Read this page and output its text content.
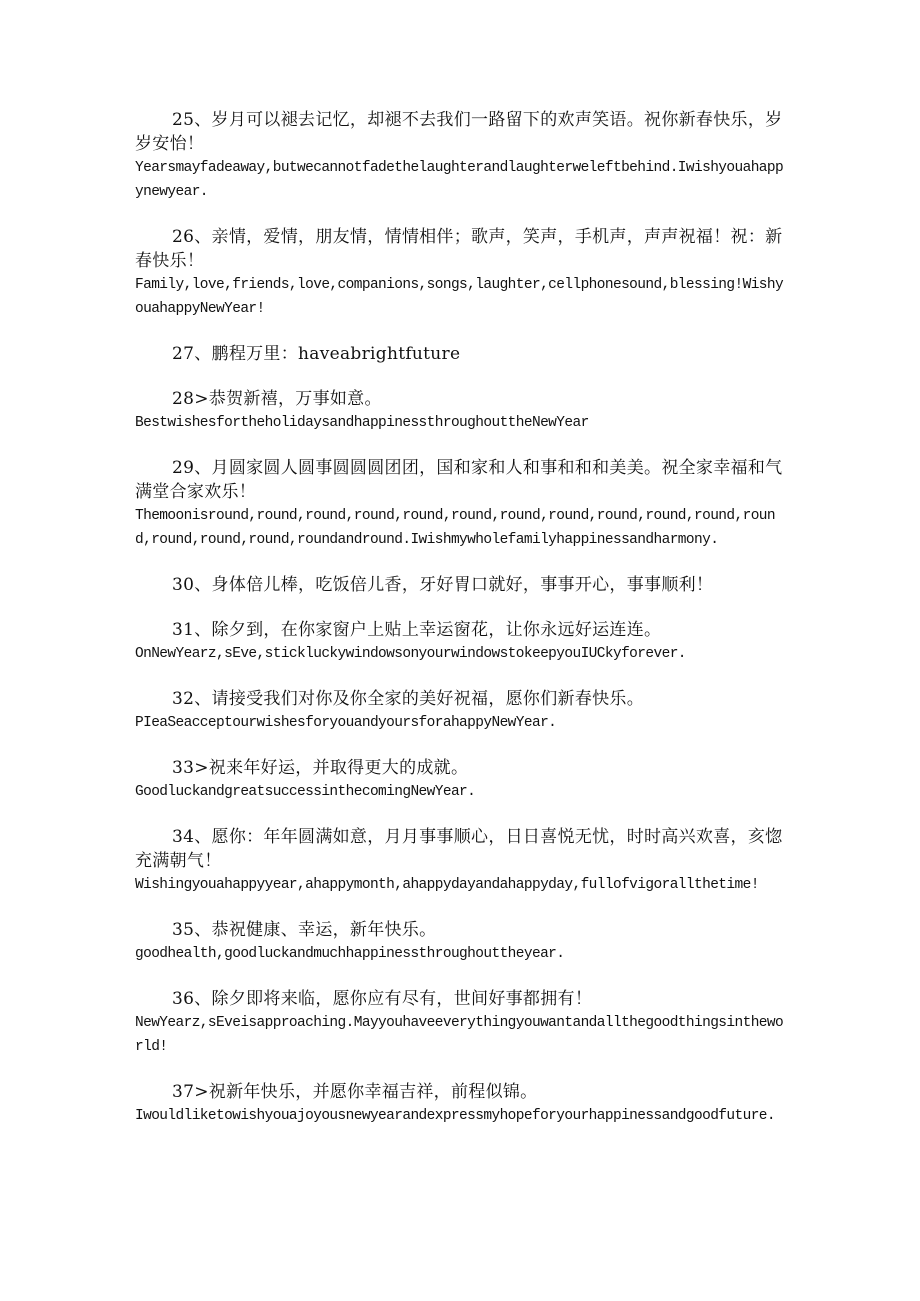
25、岁月可以褪去记忆，却褪不去我们一路留下的欢声笑语。祝你新春快乐，岁岁安怡！

Yearsmayfadeaway,butwecannotfadethelaughterandlaughterweleftbehind.Iwishyouahappynewyear.

26、亲情，爱情，朋友情，情情相伴；歌声，笑声，手机声，声声祝福！祝：新春快乐！

Family,love,friends,love,companions,songs,laughter,cellphonesound,blessing!WishyouahappyNewYear!

27、鹏程万里：haveabrightfuture

28>恭贺新禧，万事如意。

BestwishesfortheholidaysandhappinessthroughouttheNewYear

29、月圆家圆人圆事圆圆圆团团，国和家和人和事和和和美美。祝全家幸福和气满堂合家欢乐！

Themoonisround,round,round,round,round,round,round,round,round,round,round,round,round,round,round,roundandround.Iwishmywholefamilyhappinessandharmony.

30、身体倍儿棒，吃饭倍儿香，牙好胃口就好，事事开心，事事顺利！

31、除夕到，在你家窗户上贴上幸运窗花，让你永远好运连连。

OnNewYearz,sEve,stickluckywindowsonyourwindowstokeepyouIUCkyforever.

32、请接受我们对你及你全家的美好祝福，愿你们新春快乐。

PIeaSeacceptourwishesforyouandyoursforahappyNewYear.

33>祝来年好运，并取得更大的成就。

GoodluckandgreatsuccessinthecomingNewYear.

34、愿你：年年圆满如意，月月事事顺心，日日喜悦无忧，时时高兴欢喜，亥惚充满朝气！

Wishingyouahappyyear,ahappymonth,ahappydayandahappyday,fullofvigorallthetime!

35、恭祝健康、幸运，新年快乐。

goodhealth,goodluckandmuchhappinessthroughouttheyear.

36、除夕即将来临，愿你应有尽有，世间好事都拥有！

NewYearz,sEveisapproaching.Mayyouhaveeverythingyouwantandallthegoodthingsintheworld!

37>祝新年快乐，并愿你幸福吉祥，前程似锦。

Iwouldliketowishyouajoyousnewyearandexpressmyhopeforyourhappinessandgoodfuture.
